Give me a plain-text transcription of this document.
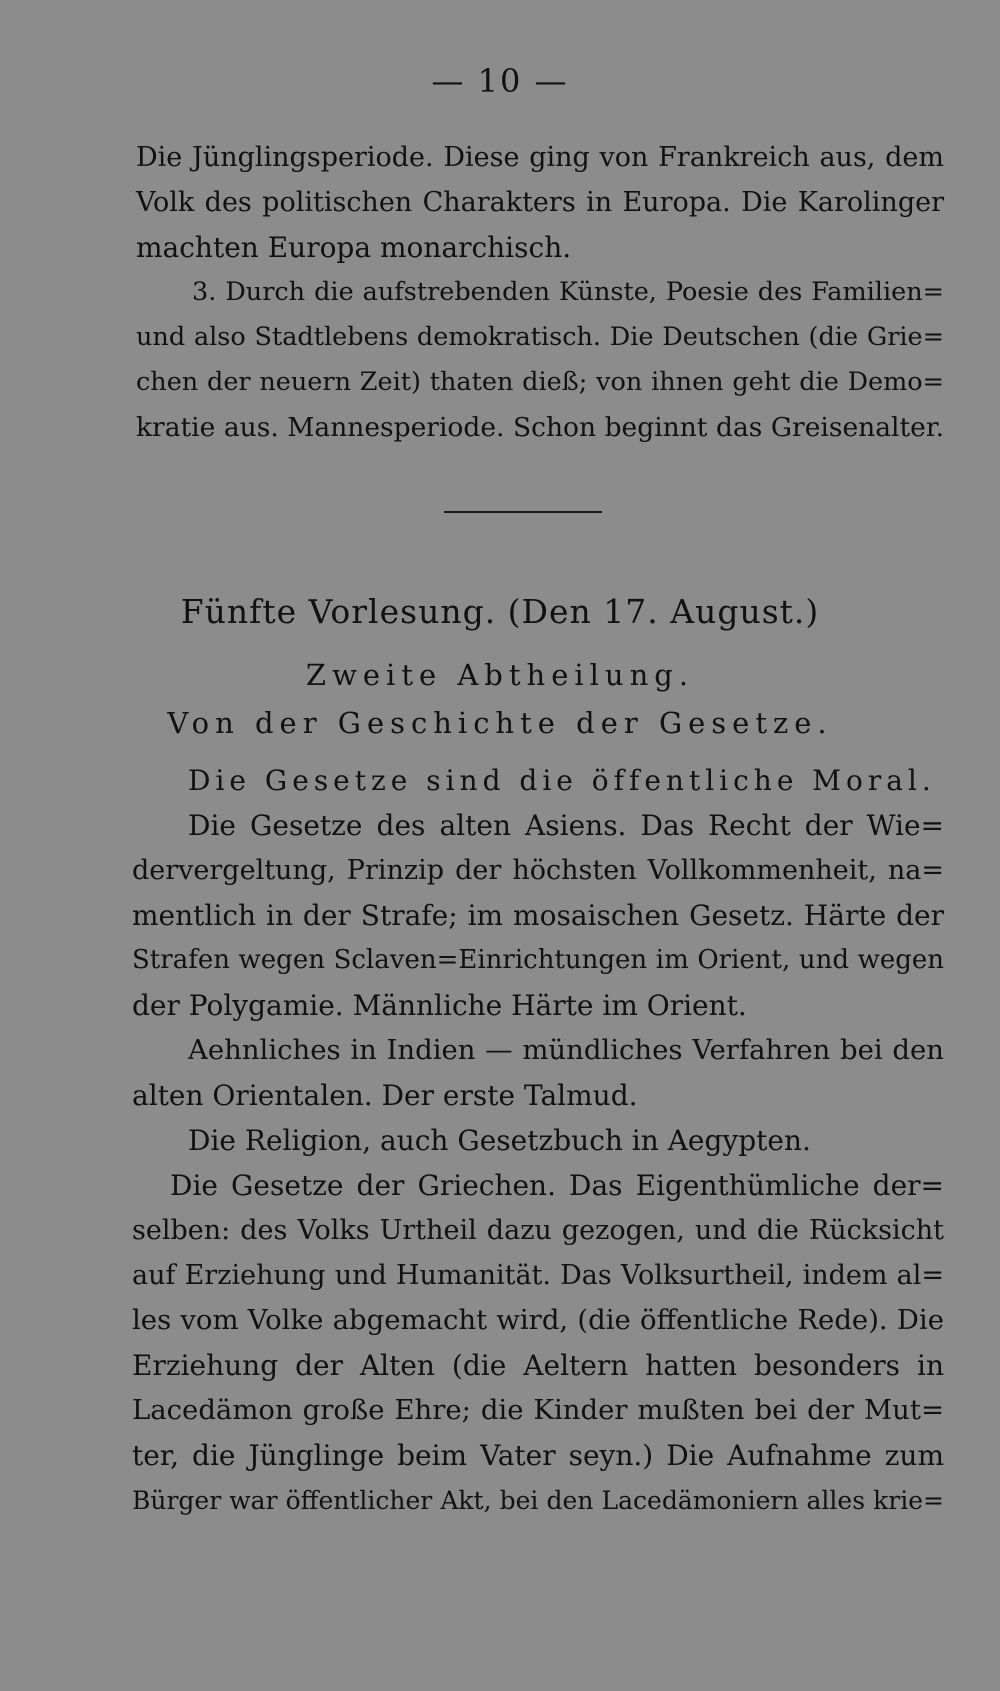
— 10 —
Die Jünglingsperiode. Diese ging von Frankreich aus, dem
Volk des politischen Charakters in Europa. Die Karolinger
machten Europa monarchisch.
3. Durch die aufstrebenden Künste, Poesie des Familien=
und also Stadtlebens demokratisch. Die Deutschen (die Grie=
chen der neuern Zeit) thaten dieß; von ihnen geht die Demo=
kratie aus. Mannesperiode. Schon beginnt das Greisenalter.
Fünfte Vorlesung. (Den 17. August.)
Zweite Abtheilung.
Von der Geschichte der Gesetze.
Die Gesetze sind die öffentliche Moral.
Die Gesetze des alten Asiens. Das Recht der Wie=
dervergeltung, Prinzip der höchsten Vollkommenheit, na=
mentlich in der Strafe; im mosaischen Gesetz. Härte der
Strafen wegen Sclaven=Einrichtungen im Orient, und wegen
der Polygamie. Männliche Härte im Orient.
Aehnliches in Indien — mündliches Verfahren bei den
alten Orientalen. Der erste Talmud.
Die Religion, auch Gesetzbuch in Aegypten.
Die Gesetze der Griechen. Das Eigenthümliche der=
selben: des Volks Urtheil dazu gezogen, und die Rücksicht
auf Erziehung und Humanität. Das Volksurtheil, indem al=
les vom Volke abgemacht wird, (die öffentliche Rede). Die
Erziehung der Alten (die Aeltern hatten besonders in
Lacedämon große Ehre; die Kinder mußten bei der Mut=
ter, die Jünglinge beim Vater seyn.) Die Aufnahme zum
Bürger war öffentlicher Akt, bei den Lacedämoniern alles krie=
